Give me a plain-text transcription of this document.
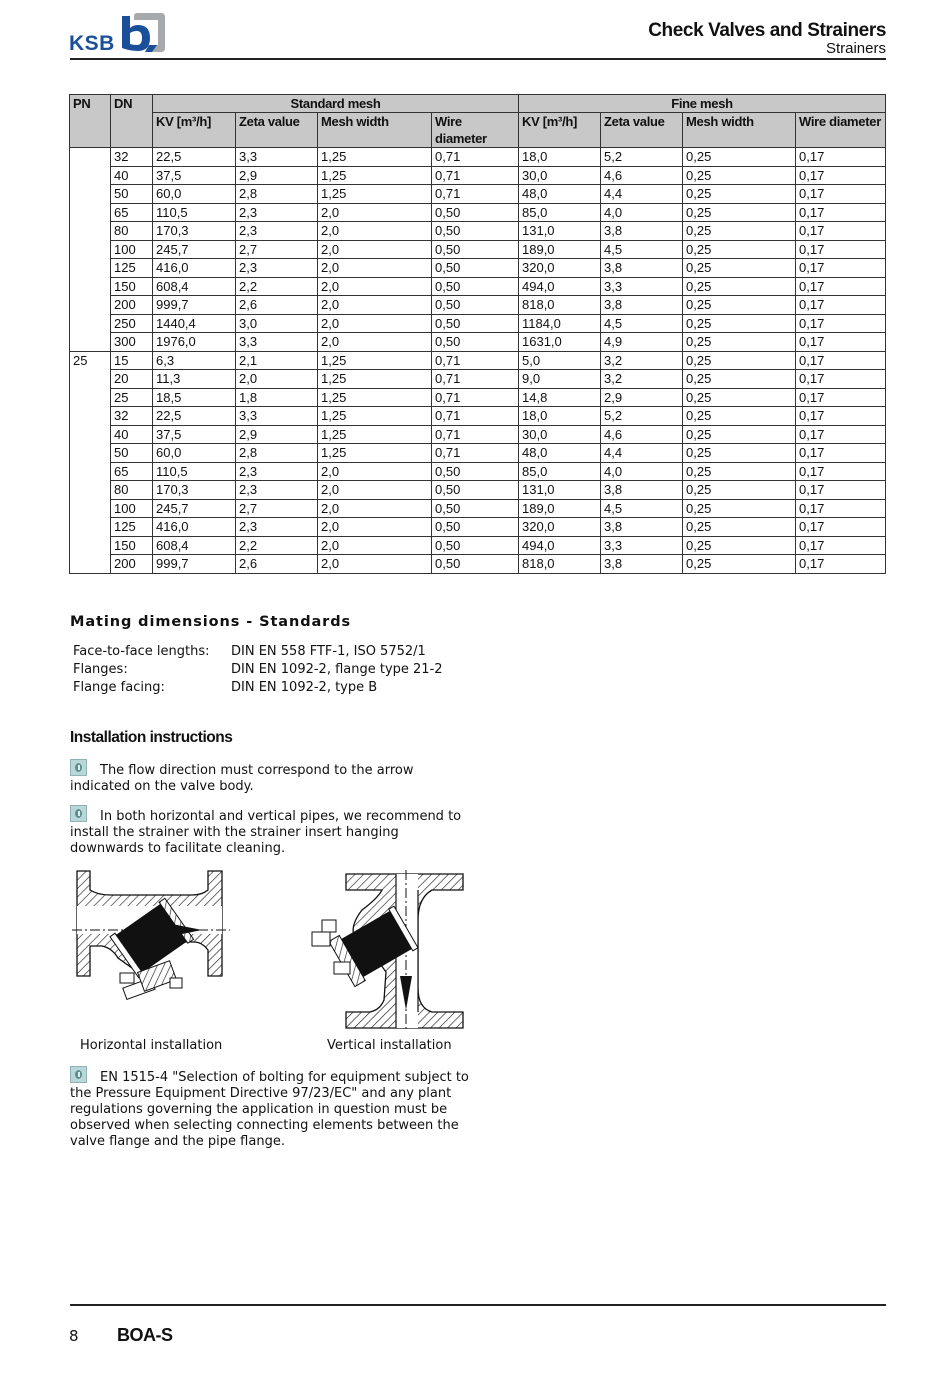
KSB
Check Valves and Strainers
Strainers
PN	DN	Standard mesh				Fine mesh			
		KV [m³/h]	Zeta value	Mesh width	Wire diameter	KV [m³/h]	Zeta value	Mesh width	Wire diameter
	32	22,5	3,3	1,25	0,71	18,0	5,2	0,25	0,17
	40	37,5	2,9	1,25	0,71	30,0	4,6	0,25	0,17
	50	60,0	2,8	1,25	0,71	48,0	4,4	0,25	0,17
	65	110,5	2,3	2,0	0,50	85,0	4,0	0,25	0,17
	80	170,3	2,3	2,0	0,50	131,0	3,8	0,25	0,17
	100	245,7	2,7	2,0	0,50	189,0	4,5	0,25	0,17
	125	416,0	2,3	2,0	0,50	320,0	3,8	0,25	0,17
	150	608,4	2,2	2,0	0,50	494,0	3,3	0,25	0,17
	200	999,7	2,6	2,0	0,50	818,0	3,8	0,25	0,17
	250	1440,4	3,0	2,0	0,50	1184,0	4,5	0,25	0,17
	300	1976,0	3,3	2,0	0,50	1631,0	4,9	0,25	0,17
25	15	6,3	2,1	1,25	0,71	5,0	3,2	0,25	0,17
	20	11,3	2,0	1,25	0,71	9,0	3,2	0,25	0,17
	25	18,5	1,8	1,25	0,71	14,8	2,9	0,25	0,17
	32	22,5	3,3	1,25	0,71	18,0	5,2	0,25	0,17
	40	37,5	2,9	1,25	0,71	30,0	4,6	0,25	0,17
	50	60,0	2,8	1,25	0,71	48,0	4,4	0,25	0,17
	65	110,5	2,3	2,0	0,50	85,0	4,0	0,25	0,17
	80	170,3	2,3	2,0	0,50	131,0	3,8	0,25	0,17
	100	245,7	2,7	2,0	0,50	189,0	4,5	0,25	0,17
	125	416,0	2,3	2,0	0,50	320,0	3,8	0,25	0,17
	150	608,4	2,2	2,0	0,50	494,0	3,3	0,25	0,17
	200	999,7	2,6	2,0	0,50	818,0	3,8	0,25	0,17
Mating dimensions - Standards
Face-to-face lengths: DIN EN 558 FTF-1, ISO 5752/1
Flanges:	DIN EN 1092-2, flange type 21-2
Flange facing:	DIN EN 1092-2, type B
Installation instructions
The flow direction must correspond to the arrow indicated on the valve body.
In both horizontal and vertical pipes, we recommend to install the strainer with the strainer insert hanging downwards to facilitate cleaning.
Horizontal installation	Vertical installation
EN 1515-4 "Selection of bolting for equipment subject to the Pressure Equipment Directive 97/23/EC" and any plant regulations governing the application in question must be observed when selecting connecting elements between the valve flange and the pipe flange.
8 BOA-S
